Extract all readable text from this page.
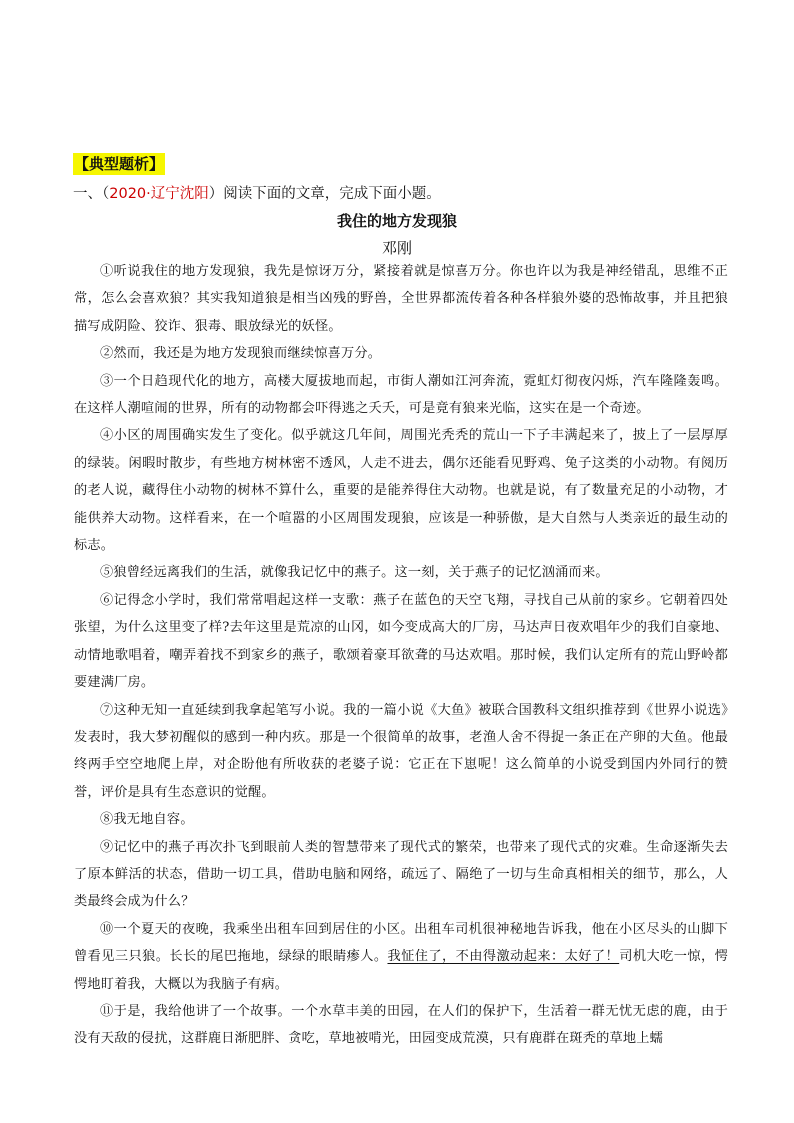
【典型题析】
一、（2020·辽宁沈阳）阅读下面的文章，完成下面小题。
我住的地方发现狼
邓刚

①听说我住的地方发现狼，我先是惊讶万分，紧接着就是惊喜万分。你也许以为我是神经错乱，思维不正常，怎么会喜欢狼？其实我知道狼是相当凶残的野兽，全世界都流传着各种各样狼外婆的恐怖故事，并且把狼描写成阴险、狡诈、狠毒、眼放绿光的妖怪。

②然而，我还是为地方发现狼而继续惊喜万分。

③一个日趋现代化的地方，高楼大厦拔地而起，市街人潮如江河奔流，霓虹灯彻夜闪烁，汽车隆隆轰鸣。在这样人潮喧闹的世界，所有的动物都会吓得逃之夭夭，可是竟有狼来光临，这实在是一个奇迹。

④小区的周围确实发生了变化。似乎就这几年间，周围光秃秃的荒山一下子丰满起来了，披上了一层厚厚的绿装。闲暇时散步，有些地方树林密不透风，人走不进去，偶尔还能看见野鸡、兔子这类的小动物。有阅历的老人说，藏得住小动物的树林不算什么，重要的是能养得住大动物。也就是说，有了数量充足的小动物，才能供养大动物。这样看来，在一个喧嚣的小区周围发现狼，应该是一种骄傲，是大自然与人类亲近的最生动的标志。

⑤狼曾经远离我们的生活，就像我记忆中的燕子。这一刻，关于燕子的记忆汹涌而来。

⑥记得念小学时，我们常常唱起这样一支歌：燕子在蓝色的天空飞翔，寻找自己从前的家乡。它朝着四处张望，为什么这里变了样?去年这里是荒凉的山冈，如今变成高大的厂房，马达声日夜欢唱年少的我们自豪地、动情地歌唱着，嘲弄着找不到家乡的燕子，歌颂着豪耳欲聋的马达欢唱。那时候，我们认定所有的荒山野岭都要建满厂房。

⑦这种无知一直延续到我拿起笔写小说。我的一篇小说《大鱼》被联合国教科文组织推荐到《世界小说选》发表时，我大梦初醒似的感到一种内疚。那是一个很简单的故事，老渔人舍不得捉一条正在产卵的大鱼。他最终两手空空地爬上岸，对企盼他有所收获的老婆子说：它正在下崽呢！这么简单的小说受到国内外同行的赞誉，评价是具有生态意识的觉醒。

⑧我无地自容。

⑨记忆中的燕子再次扑飞到眼前人类的智慧带来了现代式的繁荣，也带来了现代式的灾难。生命逐渐失去了原本鲜活的状态，借助一切工具，借助电脑和网络，疏远了、隔绝了一切与生命真相相关的细节，那么，人类最终会成为什么？

⑩一个夏天的夜晚，我乘坐出租车回到居住的小区。出租车司机很神秘地告诉我，他在小区尽头的山脚下曾看见三只狼。长长的尾巴拖地，绿绿的眼睛瘆人。我怔住了，不由得激动起来：太好了！司机大吃一惊，愕愕地盯着我，大概以为我脑子有病。

⑪于是，我给他讲了一个故事。一个水草丰美的田园，在人们的保护下，生活着一群无忧无虑的鹿，由于没有天敌的侵扰，这群鹿日渐肥胖、贪吃，草地被啃光，田园变成荒漠，只有鹿群在斑秃的草地上蠕
